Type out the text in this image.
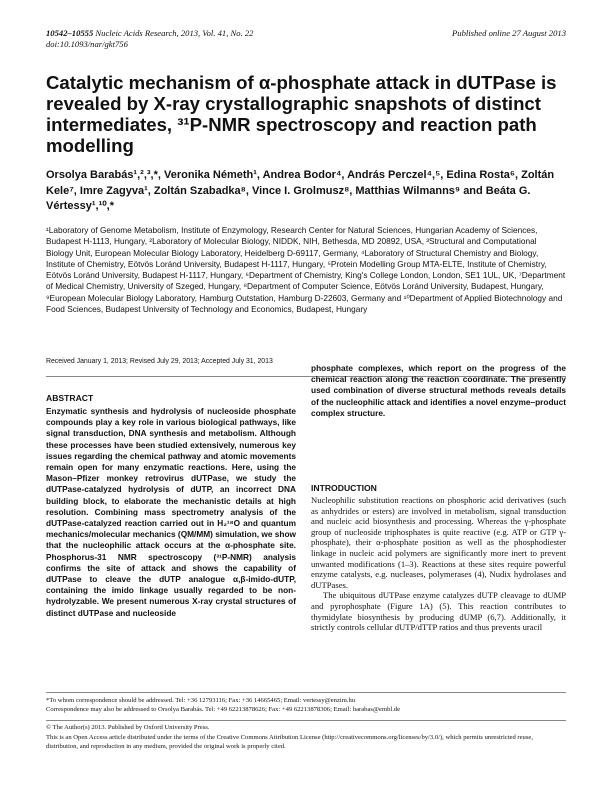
10542–10555 Nucleic Acids Research, 2013, Vol. 41, No. 22
doi:10.1093/nar/gkt756
Published online 27 August 2013
Catalytic mechanism of α-phosphate attack in dUTPase is revealed by X-ray crystallographic snapshots of distinct intermediates, ³¹P-NMR spectroscopy and reaction path modelling
Orsolya Barabás¹,²,³,*, Veronika Németh¹, Andrea Bodor⁴, András Perczel⁴,⁵, Edina Rosta⁶, Zoltán Kele⁷, Imre Zagyva¹, Zoltán Szabadka⁸, Vince I. Grolmusz⁸, Matthias Wilmanns⁹ and Beáta G. Vértessy¹,¹⁰,*
¹Laboratory of Genome Metabolism, Institute of Enzymology, Research Center for Natural Sciences, Hungarian Academy of Sciences, Budapest H-1113, Hungary, ²Laboratory of Molecular Biology, NIDDK, NIH, Bethesda, MD 20892, USA, ³Structural and Computational Biology Unit, European Molecular Biology Laboratory, Heidelberg D-69117, Germany, ⁴Laboratory of Structural Chemistry and Biology, Institute of Chemistry, Eötvös Loránd University, Budapest H-1117, Hungary, ⁵Protein Modelling Group MTA-ELTE, Institute of Chemistry, Eötvös Loránd University, Budapest H-1117, Hungary, ⁶Department of Chemistry, King's College London, London, SE1 1UL, UK, ⁷Department of Medical Chemistry, University of Szeged, Hungary, ⁸Department of Computer Science, Eötvös Loránd University, Budapest, Hungary, ⁹European Molecular Biology Laboratory, Hamburg Outstation, Hamburg D-22603, Germany and ¹⁰Department of Applied Biotechnology and Food Sciences, Budapest University of Technology and Economics, Budapest, Hungary
Received January 1, 2013; Revised July 29, 2013; Accepted July 31, 2013
ABSTRACT
Enzymatic synthesis and hydrolysis of nucleoside phosphate compounds play a key role in various biological pathways, like signal transduction, DNA synthesis and metabolism. Although these processes have been studied extensively, numerous key issues regarding the chemical pathway and atomic movements remain open for many enzymatic reactions. Here, using the Mason–Pfizer monkey retrovirus dUTPase, we study the dUTPase-catalyzed hydrolysis of dUTP, an incorrect DNA building block, to elaborate the mechanistic details at high resolution. Combining mass spectrometry analysis of the dUTPase-catalyzed reaction carried out in H₂¹⁸O and quantum mechanics/molecular mechanics (QM/MM) simulation, we show that the nucleophilic attack occurs at the α-phosphate site. Phosphorus-31 NMR spectroscopy (³¹P-NMR) analysis confirms the site of attack and shows the capability of dUTPase to cleave the dUTP analogue α,β-imido-dUTP, containing the imido linkage usually regarded to be non-hydrolyzable. We present numerous X-ray crystal structures of distinct dUTPase and nucleoside
phosphate complexes, which report on the progress of the chemical reaction along the reaction coordinate. The presently used combination of diverse structural methods reveals details of the nucleophilic attack and identifies a novel enzyme–product complex structure.
INTRODUCTION

Nucleophilic substitution reactions on phosphoric acid derivatives (such as anhydrides or esters) are involved in metabolism, signal transduction and nucleic acid biosynthesis and processing. Whereas the γ-phosphate group of nucleoside triphosphates is quite reactive (e.g. ATP or GTP γ-phosphate), their α-phosphate position as well as the phosphodiester linkage in nucleic acid polymers are significantly more inert to prevent unwanted modifications (1–3). Reactions at these sites require powerful enzyme catalysts, e.g. nucleases, polymerases (4), Nudix hydrolases and dUTPases.

The ubiquitous dUTPase enzyme catalyzes dUTP cleavage to dUMP and pyrophosphate (Figure 1A) (5). This reaction contributes to thymidylate biosynthesis by producing dUMP (6,7). Additionally, it strictly controls cellular dUTP/dTTP ratios and thus prevents uracil

*To whom correspondence should be addressed. Tel: +36 12793116; Fax: +36 14665465; Email: vertessy@enzim.hu
Correspondence may also be addressed to Orsolya Barabás. Tel: +49 62213878626; Fax: +49 62213878306; Email: barabas@embl.de
© The Author(s) 2013. Published by Oxford University Press.
This is an Open Access article distributed under the terms of the Creative Commons Attribution License (http://creativecommons.org/licenses/by/3.0/), which permits unrestricted reuse, distribution, and reproduction in any medium, provided the original work is properly cited.
